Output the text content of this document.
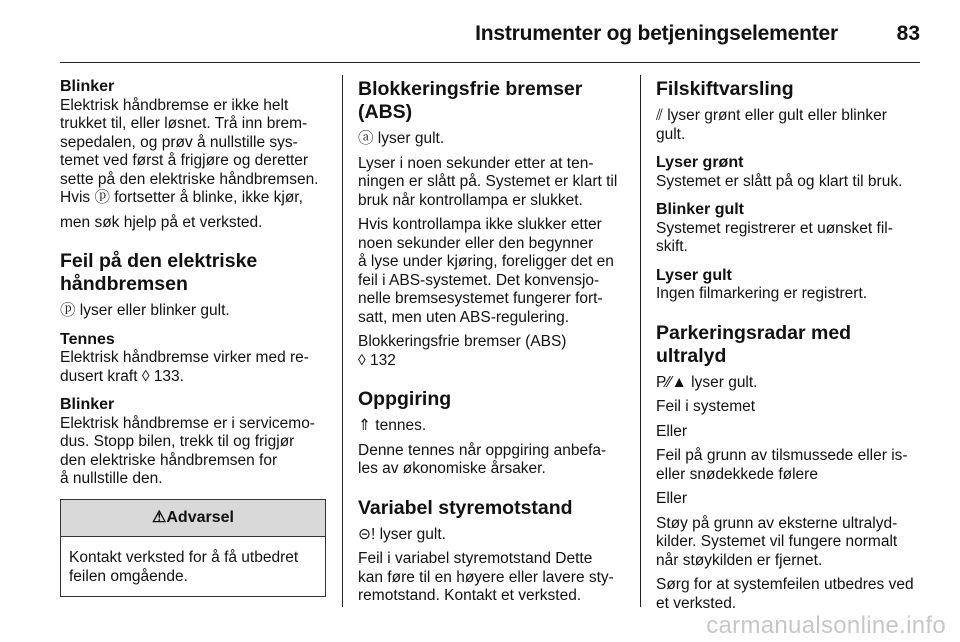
Instrumenter og betjeningselementer	83

Blinker

Elektrisk håndbremse er ikke helt
trukket til, eller løsnet. Trå inn brem-
sepedalen, og prøv å nullstille sys-
temet ved først å frigjøre og deretter
sette på den elektriske håndbremsen.
Hvis ⓟ fortsetter å blinke, ikke kjør,

men søk hjelp på et verksted.

Feil på den elektriske
håndbremsen

ⓟ lyser eller blinker gult.

Tennes

Elektrisk håndbremse virker med re-
dusert kraft ◊ 133.

Blinker

Elektrisk håndbremse er i servicemo-
dus. Stopp bilen, trekk til og frigjør
den elektriske håndbremsen for
å nullstille den.

⚠Advarsel
Kontakt verksted for å få utbedret
feilen omgående.

Blokkeringsfrie bremser (ABS)

ⓐ lyser gult.

Lyser i noen sekunder etter at ten-
ningen er slått på. Systemet er klart til
bruk når kontrollampa er slukket.

Hvis kontrollampa ikke slukker etter
noen sekunder eller den begynner
å lyse under kjøring, foreligger det en
feil i ABS-systemet. Det konvensjo-
nelle bremsesystemet fungerer fort-
satt, men uten ABS-regulering.

Blokkeringsfrie bremser (ABS)
◊ 132

Oppgiring

⇑ tennes.

Denne tennes når oppgiring anbefa-
les av økonomiske årsaker.

Variabel styremotstand

⊝! lyser gult.

Feil i variabel styremotstand Dette
kan føre til en høyere eller lavere sty-
remotstand. Kontakt et verksted.

Filskiftvarsling

⫽ lyser grønt eller gult eller blinker
gult.

Lyser grønt

Systemet er slått på og klart til bruk.

Blinker gult

Systemet registrerer et uønsket fil-
skift.

Lyser gult

Ingen filmarkering er registrert.

Parkeringsradar med ultralyd

P⁄⁄▲ lyser gult.

Feil i systemet

Eller

Feil på grunn av tilsmussede eller is-
eller snødekkede følere

Eller

Støy på grunn av eksterne ultralyd-
kilder. Systemet vil fungere normalt
når støykilden er fjernet.

Sørg for at systemfeilen utbedres ved
et verksted.

carmanualsonline.info
